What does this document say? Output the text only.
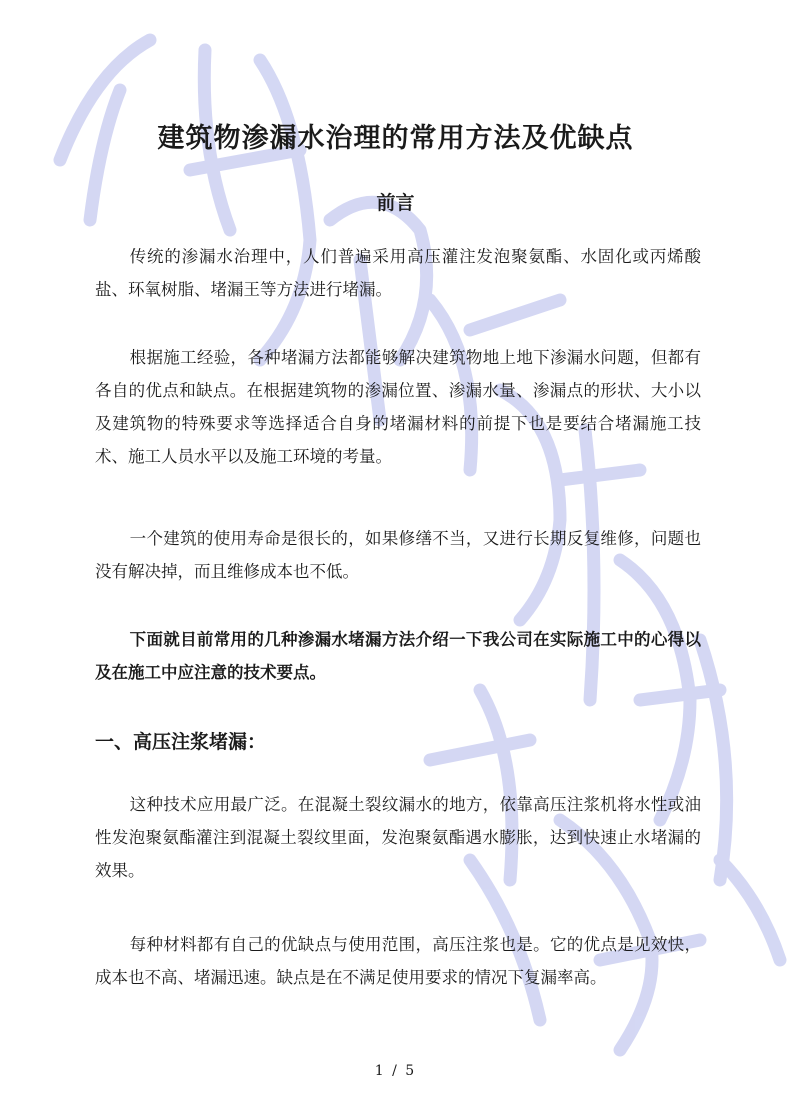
建筑物渗漏水治理的常用方法及优缺点
前言

传统的渗漏水治理中，人们普遍采用高压灌注发泡聚氨酯、水固化或丙烯酸盐、环氧树脂、堵漏王等方法进行堵漏。

根据施工经验，各种堵漏方法都能够解决建筑物地上地下渗漏水问题，但都有各自的优点和缺点。在根据建筑物的渗漏位置、渗漏水量、渗漏点的形状、大小以及建筑物的特殊要求等选择适合自身的堵漏材料的前提下也是要结合堵漏施工技术、施工人员水平以及施工环境的考量。

一个建筑的使用寿命是很长的，如果修缮不当，又进行长期反复维修，问题也没有解决掉，而且维修成本也不低。

下面就目前常用的几种渗漏水堵漏方法介绍一下我公司在实际施工中的心得以及在施工中应注意的技术要点。

一、高压注浆堵漏：

这种技术应用最广泛。在混凝土裂纹漏水的地方，依靠高压注浆机将水性或油性发泡聚氨酯灌注到混凝土裂纹里面，发泡聚氨酯遇水膨胀，达到快速止水堵漏的效果。

每种材料都有自己的优缺点与使用范围，高压注浆也是。它的优点是见效快，成本也不高、堵漏迅速。缺点是在不满足使用要求的情况下复漏率高。

1 / 5
